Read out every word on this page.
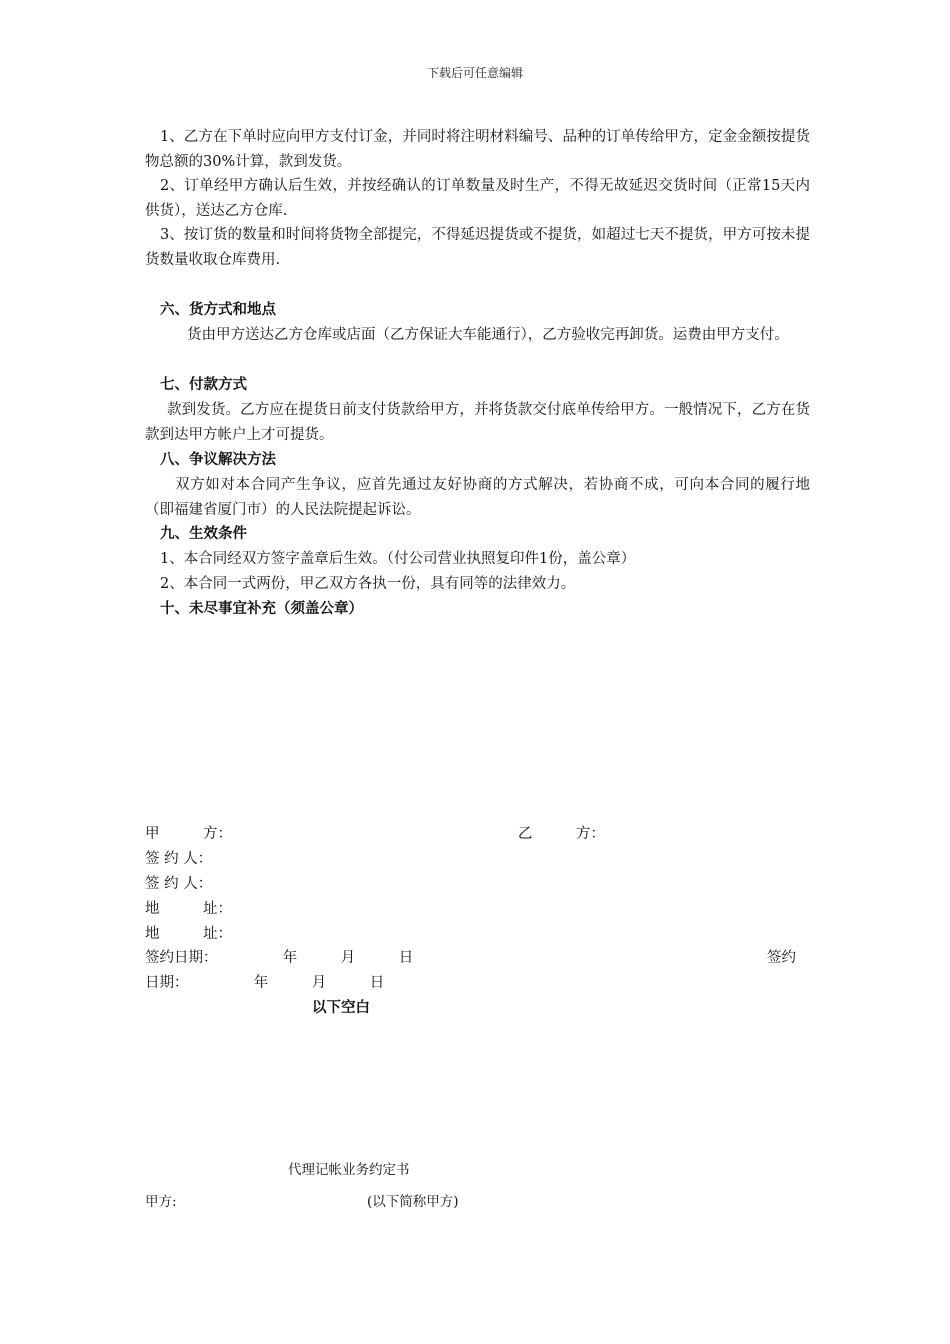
下载后可任意编辑

1、乙方在下单时应向甲方支付订金，并同时将注明材料编号、品种的订单传给甲方，定金金额按提货物总额的30%计算，款到发货。

2、订单经甲方确认后生效，并按经确认的订单数量及时生产，不得无故延迟交货时间（正常15天内供货），送达乙方仓库.

3、按订货的数量和时间将货物全部提完，不得延迟提货或不提货，如超过七天不提货，甲方可按未提货数量收取仓库费用.

六、货方式和地点

货由甲方送达乙方仓库或店面（乙方保证大车能通行），乙方验收完再卸货。运费由甲方支付。

七、付款方式

款到发货。乙方应在提货日前支付货款给甲方，并将货款交付底单传给甲方。一般情况下，乙方在货款到达甲方帐户上才可提货。

八、争议解决方法

双方如对本合同产生争议，应首先通过友好协商的方式解决，若协商不成，可向本合同的履行地（即福建省厦门市）的人民法院提起诉讼。

九、生效条件
1、本合同经双方签字盖章后生效。（付公司营业执照复印件1份，盖公章）
2、本合同一式两份，甲乙双方各执一份，具有同等的法律效力。
十、未尽事宜补充（须盖公章）
甲　　　方：	乙　　　方：
签 约 人：
签 约 人：
地　　　址：
地　　　址：
签约日期：　　　　　年　　　月　　　日	签约
日期：　　　　　年　　　月　　　日
以下空白
代理记帐业务约定书
甲方:	(以下简称甲方)
